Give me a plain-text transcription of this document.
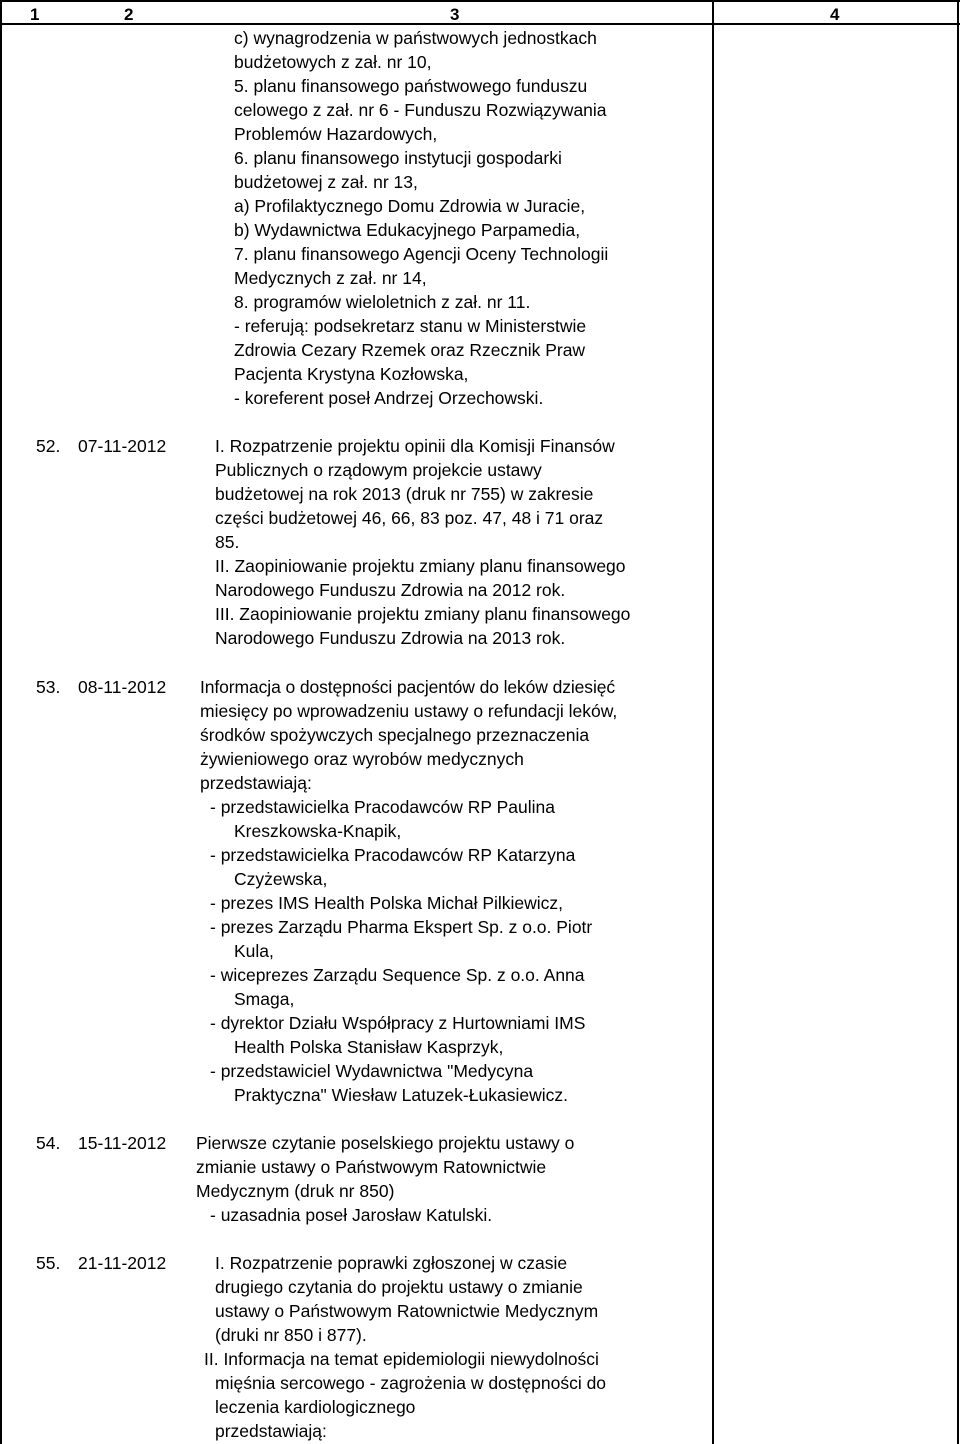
1	2	3	4
c) wynagrodzenia w państwowych jednostkach
budżetowych z zał. nr 10,
5. planu finansowego państwowego funduszu
celowego z zał. nr 6 - Funduszu Rozwiązywania
Problemów Hazardowych,
6. planu finansowego instytucji gospodarki
budżetowej z zał. nr 13,
a) Profilaktycznego Domu Zdrowia w Juracie,
b) Wydawnictwa Edukacyjnego Parpamedia,
7. planu finansowego Agencji Oceny Technologii
Medycznych z zał. nr 14,
8. programów wieloletnich z zał. nr 11.
- referują: podsekretarz stanu w Ministerstwie
Zdrowia Cezary Rzemek oraz Rzecznik Praw
Pacjenta Krystyna Kozłowska,
- koreferent poseł Andrzej Orzechowski.
52. 07-11-2012	I. Rozpatrzenie projektu opinii dla Komisji Finansów
Publicznych o rządowym projekcie ustawy
budżetowej na rok 2013 (druk nr 755) w zakresie
części budżetowej 46, 66, 83 poz. 47, 48 i 71 oraz
85.
II. Zaopiniowanie projektu zmiany planu finansowego
Narodowego Funduszu Zdrowia na 2012 rok.
III. Zaopiniowanie projektu zmiany planu finansowego
Narodowego Funduszu Zdrowia na 2013 rok.
53. 08-11-2012 Informacja o dostępności pacjentów do leków dziesięć
miesięcy po wprowadzeniu ustawy o refundacji leków,
środków spożywczych specjalnego przeznaczenia
żywieniowego oraz wyrobów medycznych
przedstawiają:
- przedstawicielka Pracodawców RP Paulina
Kreszkowska-Knapik,
- przedstawicielka Pracodawców RP Katarzyna
Czyżewska,
- prezes IMS Health Polska Michał Pilkiewicz,
- prezes Zarządu Pharma Ekspert Sp. z o.o. Piotr
Kula,
- wiceprezes Zarządu Sequence Sp. z o.o. Anna
Smaga,
- dyrektor Działu Współpracy z Hurtowniami IMS
Health Polska Stanisław Kasprzyk,
- przedstawiciel Wydawnictwa "Medycyna
Praktyczna" Wiesław Latuzek-Łukasiewicz.
54. 15-11-2012 Pierwsze czytanie poselskiego projektu ustawy o
zmianie ustawy o Państwowym Ratownictwie
Medycznym (druk nr 850)
- uzasadnia poseł Jarosław Katulski.
55. 21-11-2012	I. Rozpatrzenie poprawki zgłoszonej w czasie
drugiego czytania do projektu ustawy o zmianie
ustawy o Państwowym Ratownictwie Medycznym
(druki nr 850 i 877).
II. Informacja na temat epidemiologii niewydolności
mięśnia sercowego - zagrożenia w dostępności do
leczenia kardiologicznego
przedstawiają:
